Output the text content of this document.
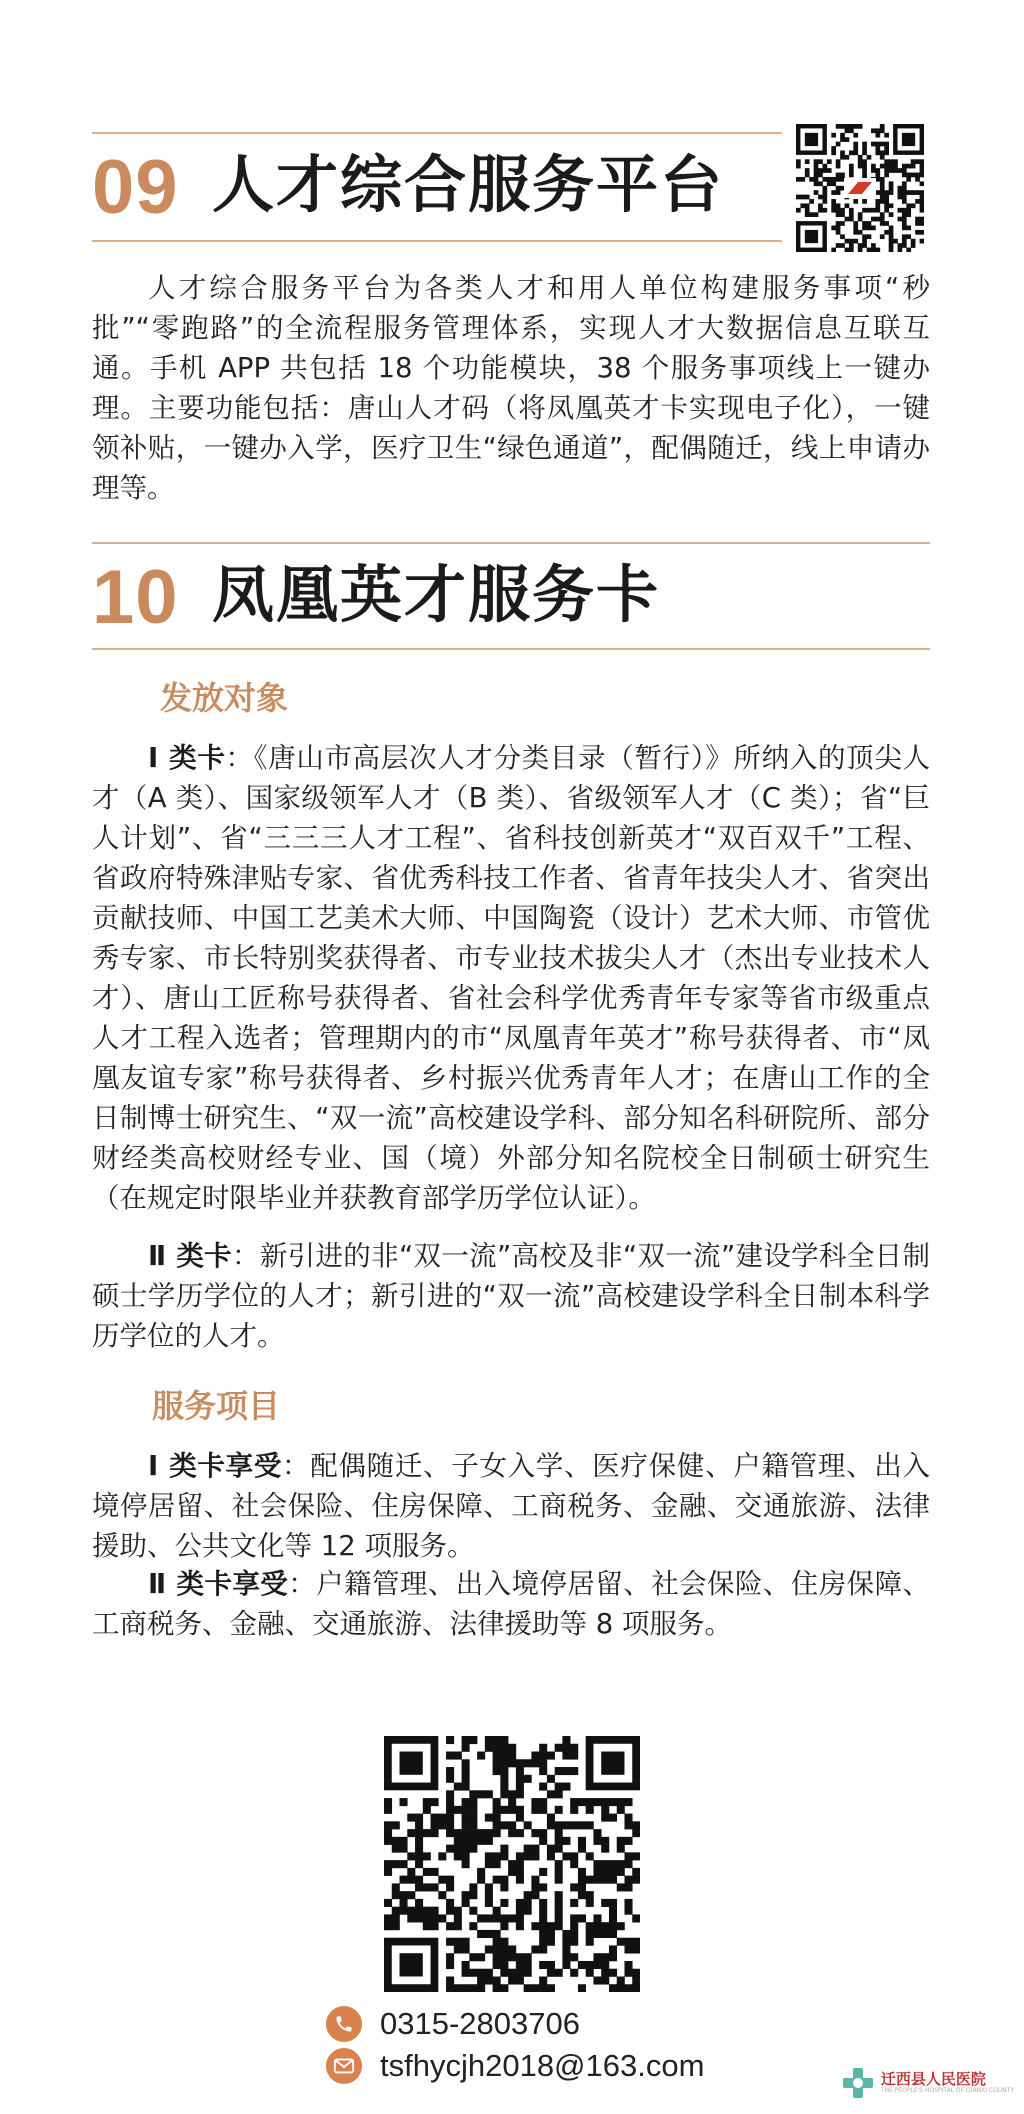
09 人才综合服务平台

人才综合服务平台为各类人才和用人单位构建服务事项“秒批”“零跑路”的全流程服务管理体系，实现人才大数据信息互联互通。手机 APP 共包括 18 个功能模块，38 个服务事项线上一键办理。主要功能包括：唐山人才码（将凤凰英才卡实现电子化），一键领补贴，一键办入学，医疗卫生“绿色通道”，配偶随迁，线上申请办理等。

10 凤凰英才服务卡
发放对象

Ⅰ 类卡：《唐山市高层次人才分类目录（暂行）》所纳入的顶尖人才（A 类）、国家级领军人才（B 类）、省级领军人才（C 类）；省“巨人计划”、省“三三三人才工程”、省科技创新英才“双百双千”工程、省政府特殊津贴专家、省优秀科技工作者、省青年技尖人才、省突出贡献技师、中国工艺美术大师、中国陶瓷（设计）艺术大师、市管优秀专家、市长特别奖获得者、市专业技术拔尖人才（杰出专业技术人才）、唐山工匠称号获得者、省社会科学优秀青年专家等省市级重点人才工程入选者；管理期内的市“凤凰青年英才”称号获得者、市“凤凰友谊专家”称号获得者、乡村振兴优秀青年人才；在唐山工作的全日制博士研究生、“双一流”高校建设学科、部分知名科研院所、部分财经类高校财经专业、国（境）外部分知名院校全日制硕士研究生（在规定时限毕业并获教育部学历学位认证）。

Ⅱ 类卡：新引进的非“双一流”高校及非“双一流”建设学科全日制硕士学历学位的人才；新引进的“双一流”高校建设学科全日制本科学历学位的人才。

服务项目

Ⅰ 类卡享受：配偶随迁、子女入学、医疗保健、户籍管理、出入境停居留、社会保险、住房保障、工商税务、金融、交通旅游、法律援助、公共文化等 12 项服务。

Ⅱ 类卡享受：户籍管理、出入境停居留、社会保险、住房保障、工商税务、金融、交通旅游、法律援助等 8 项服务。

0315-2803706
tsfhycjh2018@163.com	迁西县人民医院
THE PEOPLE'S HOSPITAL OF QIANXI COUNTY
